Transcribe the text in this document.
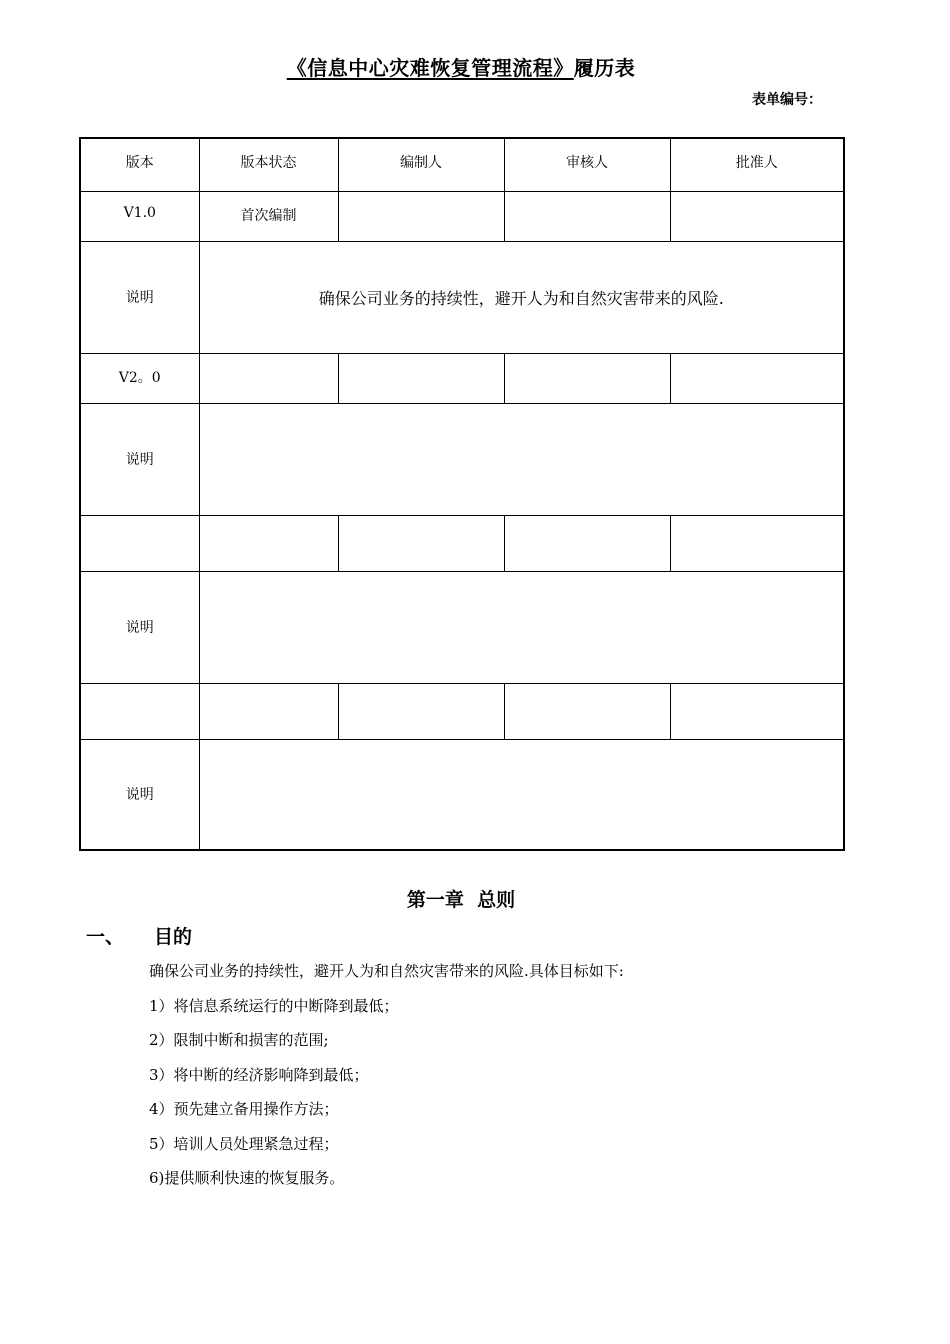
《信息中心灾难恢复管理流程》履历表
表单编号：
版本	版本状态	编制人	审核人	批准人

V1.0	首次编制			

说明	确保公司业务的持续性，避开人为和自然灾害带来的风险.			

V2。0				

说明				

说明				

说明				
第一章  总则
一、 目的
确保公司业务的持续性，避开人为和自然灾害带来的风险.具体目标如下:
1）将信息系统运行的中断降到最低；
2）限制中断和损害的范围;
3）将中断的经济影响降到最低；
4）预先建立备用操作方法；
5）培训人员处理紧急过程；
6)提供顺利快速的恢复服务。
